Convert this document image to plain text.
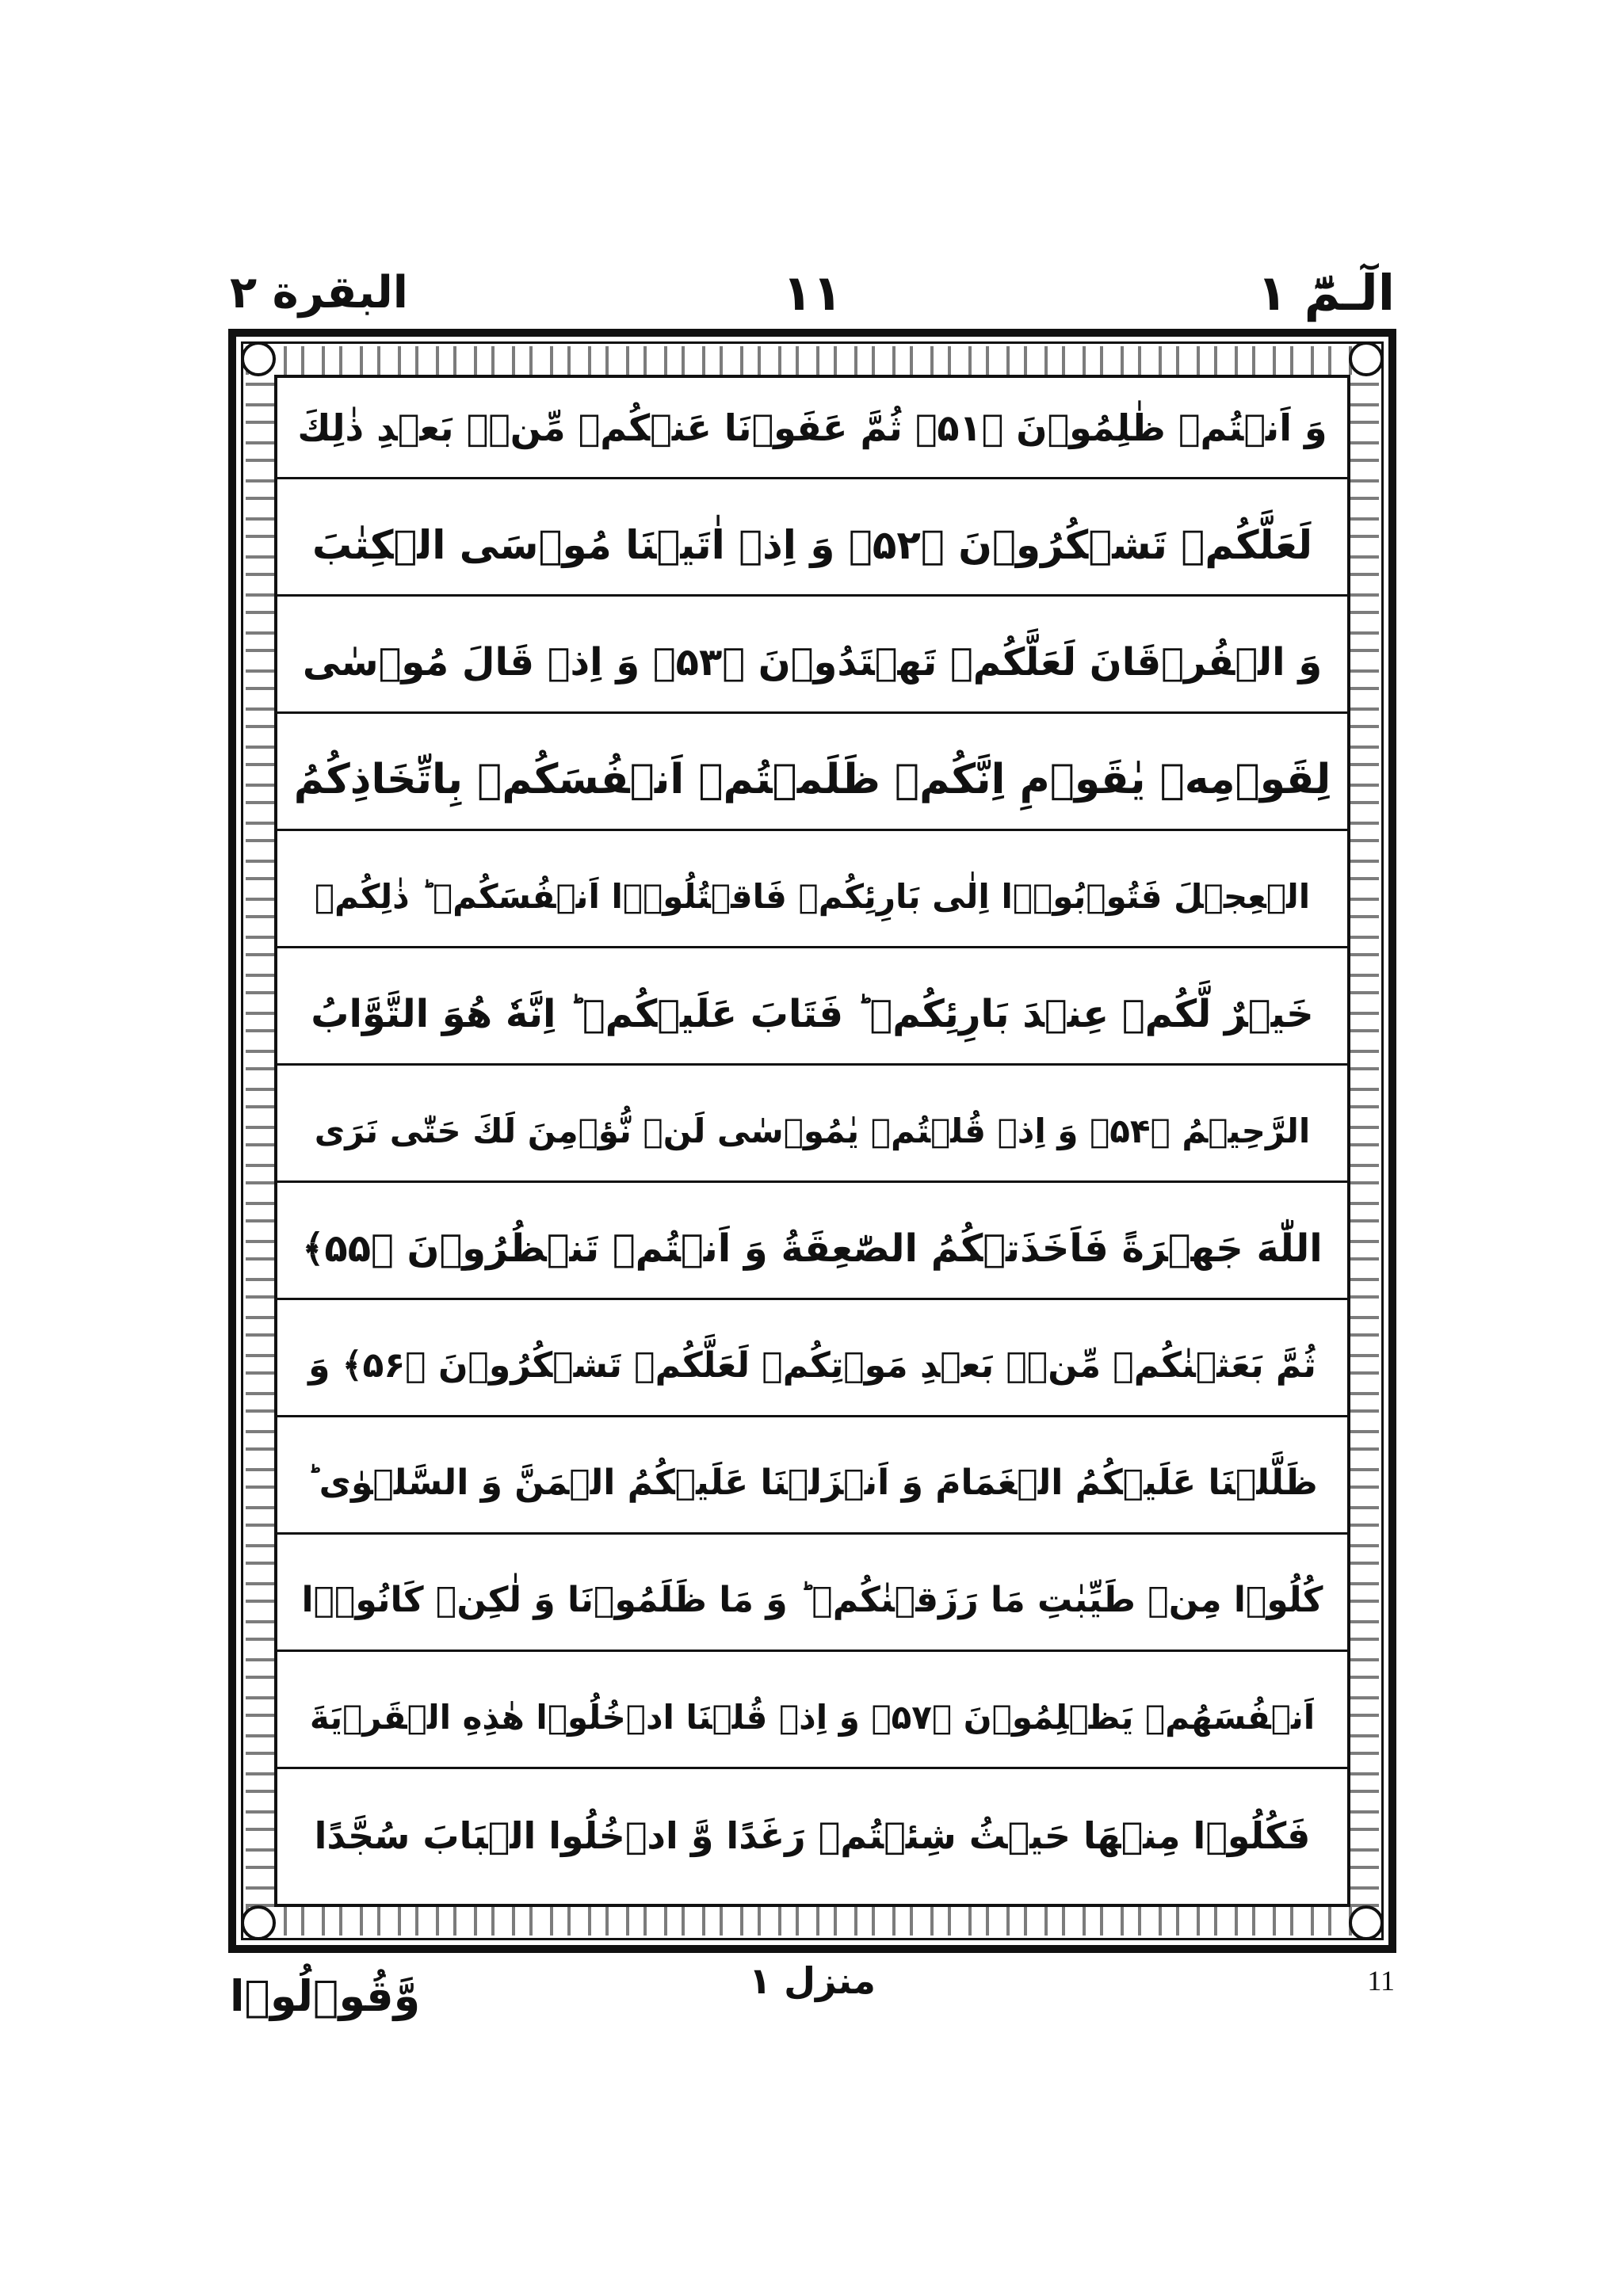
الٓـمّٓ ١
١١
البقرة ٢
وَ اَنۡتُمۡ ظٰلِمُوۡنَ ﴿۵۱﴾ ثُمَّ عَفَوۡنَا عَنۡكُمۡ مِّنۡۢ بَعۡدِ ذٰلِكَ
لَعَلَّكُمۡ تَشۡكُرُوۡنَ ﴿۵۲﴾ وَ اِذۡ اٰتَيۡنَا مُوۡسَى الۡكِتٰبَ
وَ الۡفُرۡقَانَ لَعَلَّكُمۡ تَهۡتَدُوۡنَ ﴿۵۳﴾ وَ اِذۡ قَالَ مُوۡسٰى
لِقَوۡمِهٖ يٰقَوۡمِ اِنَّكُمۡ ظَلَمۡتُمۡ اَنۡفُسَكُمۡ بِاتِّخَاذِكُمُ
الۡعِجۡلَ فَتُوۡبُوۡۤا اِلٰى بَارِئِكُمۡ فَاقۡتُلُوۡۤا اَنۡفُسَكُمۡ ؕ ذٰلِكُمۡ
خَيۡرٌ لَّكُمۡ عِنۡدَ بَارِئِكُمۡ ؕ فَتَابَ عَلَيۡكُمۡ ؕ اِنَّهٗ هُوَ التَّوَّابُ
الرَّحِيۡمُ ﴿۵۴﴾ وَ اِذۡ قُلۡتُمۡ يٰمُوۡسٰى لَنۡ نُّؤۡمِنَ لَكَ حَتّٰى نَرَى
اللّٰهَ جَهۡرَةً فَاَخَذَتۡكُمُ الصّٰعِقَةُ وَ اَنۡتُمۡ تَنۡظُرُوۡنَ ﴿۵۵﴾
ثُمَّ بَعَثۡنٰكُمۡ مِّنۡۢ بَعۡدِ مَوۡتِكُمۡ لَعَلَّكُمۡ تَشۡكُرُوۡنَ ﴿۵۶﴾ وَ
ظَلَّلۡنَا عَلَيۡكُمُ الۡغَمَامَ وَ اَنۡزَلۡنَا عَلَيۡكُمُ الۡمَنَّ وَ السَّلۡوٰى ؕ
كُلُوۡا مِنۡ طَيِّبٰتِ مَا رَزَقۡنٰكُمۡ ؕ وَ مَا ظَلَمُوۡنَا وَ لٰكِنۡ كَانُوۡۤا
اَنۡفُسَهُمۡ يَظۡلِمُوۡنَ ﴿۵۷﴾ وَ اِذۡ قُلۡنَا ادۡخُلُوۡا هٰذِهِ الۡقَرۡيَةَ
فَكُلُوۡا مِنۡهَا حَيۡثُ شِئۡتُمۡ رَغَدًا وَّ ادۡخُلُوا الۡبَابَ سُجَّدًا
11
منزل ١
وَّقُوۡلُوۡا
